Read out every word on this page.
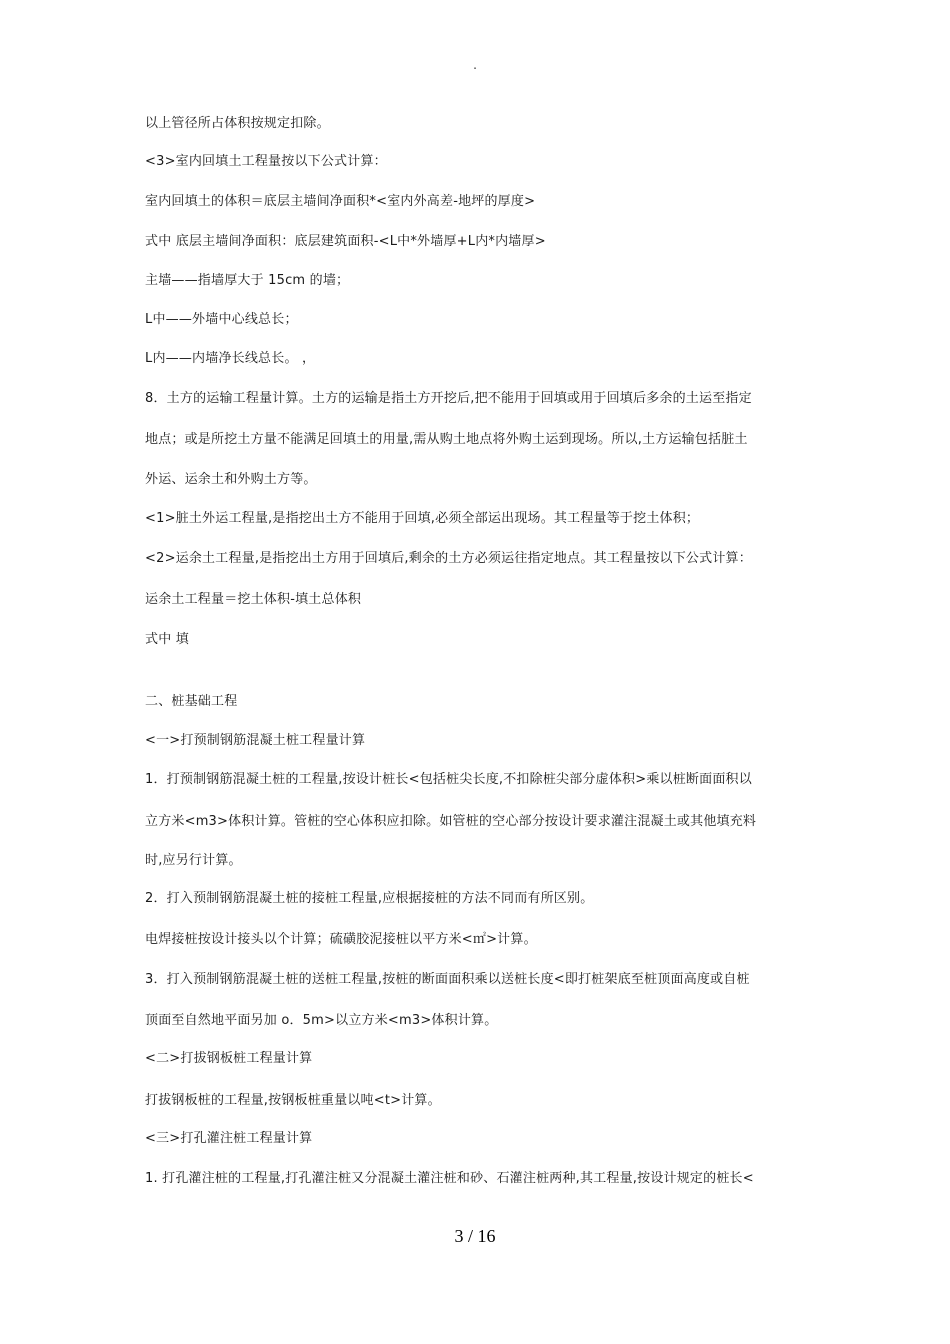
.
以上管径所占体积按规定扣除。
<3>室内回填土工程量按以下公式计算：
室内回填土的体积＝底层主墙间净面积*<室内外高差-地坪的厚度>
式中 底层主墙间净面积：底层建筑面积-<L中*外墙厚+L内*内墙厚>
主墙——指墙厚大于 15cm 的墙；
L中——外墙中心线总长；
L内——内墙净长线总长。 ，
8．土方的运输工程量计算。土方的运输是指土方开挖后,把不能用于回填或用于回填后多余的土运至指定
地点；或是所挖土方量不能满足回填土的用量,需从购土地点将外购土运到现场。所以,土方运输包括脏土
外运、运余土和外购土方等。
<1>脏土外运工程量,是指挖出土方不能用于回填,必须全部运出现场。其工程量等于挖土体积；
<2>运余土工程量,是指挖出土方用于回填后,剩余的土方必须运往指定地点。其工程量按以下公式计算：
运余土工程量＝挖土体积-填土总体积
式中 填
二、桩基础工程
<一>打预制钢筋混凝土桩工程量计算
1．打预制钢筋混凝土桩的工程量,按设计桩长<包括桩尖长度,不扣除桩尖部分虚体积>乘以桩断面面积以
立方米<m3>体积计算。管桩的空心体积应扣除。如管桩的空心部分按设计要求灌注混凝土或其他填充料
时,应另行计算。
2．打入预制钢筋混凝土桩的接桩工程量,应根据接桩的方法不同而有所区别。
电焊接桩按设计接头以个计算；硫磺胶泥接桩以平方米<㎡>计算。
3．打入预制钢筋混凝土桩的送桩工程量,按桩的断面面积乘以送桩长度<即打桩架底至桩顶面高度或自桩
顶面至自然地平面另加 o．5m>以立方米<m3>体积计算。
<二>打拔钢板桩工程量计算
打拔钢板桩的工程量,按钢板桩重量以吨<t>计算。
<三>打孔灌注桩工程量计算
1. 打孔灌注桩的工程量,打孔灌注桩又分混凝土灌注桩和砂、石灌注桩两种,其工程量,按设计规定的桩长<
3 / 16
